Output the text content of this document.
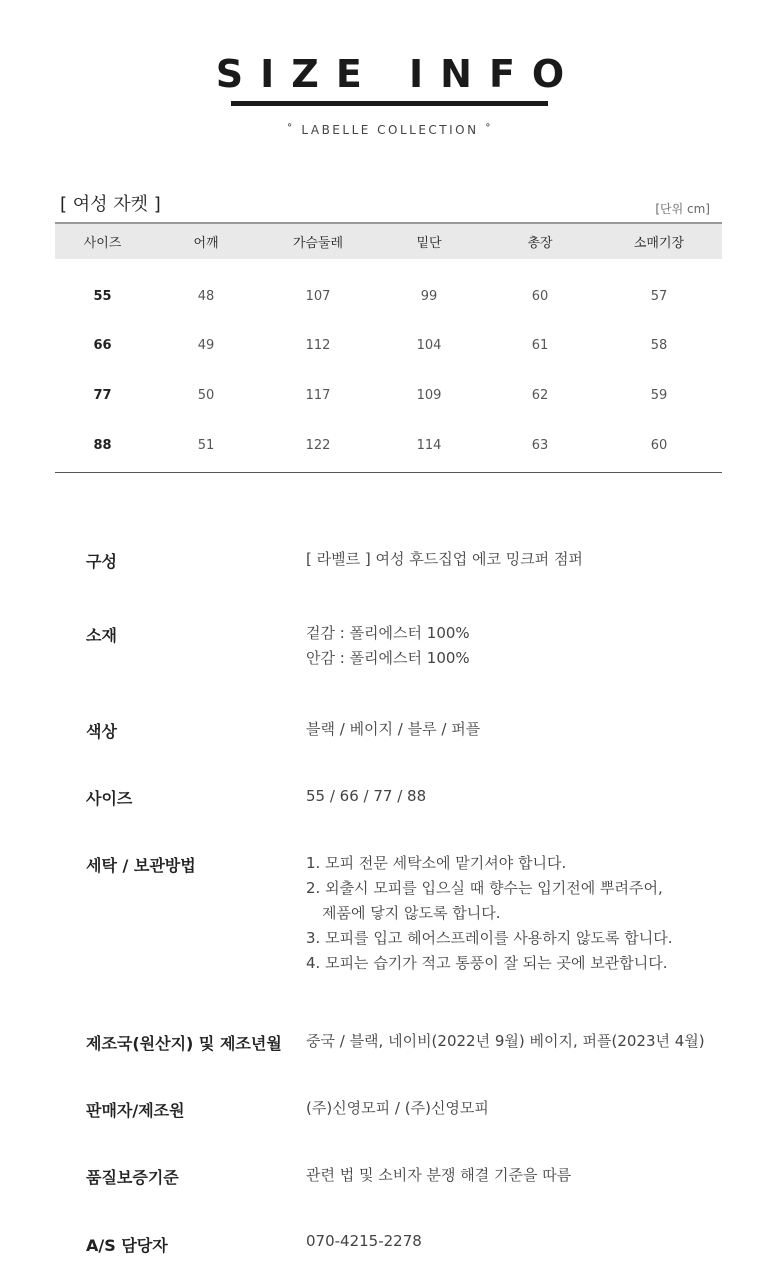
SIZE INFO
˚ LABELLE COLLECTION ˚
[ 여성 자켓 ]	[단위 cm]
사이즈	어깨	가슴둘레	밑단	총장	소매기장
55	48	107	99	60	57
66	49	112	104	61	58
77	50	117	109	62	59
88	51	122	114	63	60
구성	[ 라벨르 ] 여성 후드집업 에코 밍크퍼 점퍼
소재	겉감 : 폴리에스터 100%
안감 : 폴리에스터 100%
색상	블랙 / 베이지 / 블루 / 퍼플
사이즈	55 / 66 / 77 / 88
세탁 / 보관방법	1. 모피 전문 세탁소에 맡기셔야 합니다.
2. 외출시 모피를 입으실 때 향수는 입기전에 뿌려주어,
제품에 닿지 않도록 합니다.
3. 모피를 입고 헤어스프레이를 사용하지 않도록 합니다.
4. 모피는 습기가 적고 통풍이 잘 되는 곳에 보관합니다.
제조국(원산지) 및 제조년월 중국 / 블랙, 네이비(2022년 9월) 베이지, 퍼플(2023년 4월)
판매자/제조원	(주)신영모피 / (주)신영모피
품질보증기준	관련 법 및 소비자 분쟁 해결 기준을 따름
A/S 담당자	070-4215-2278
